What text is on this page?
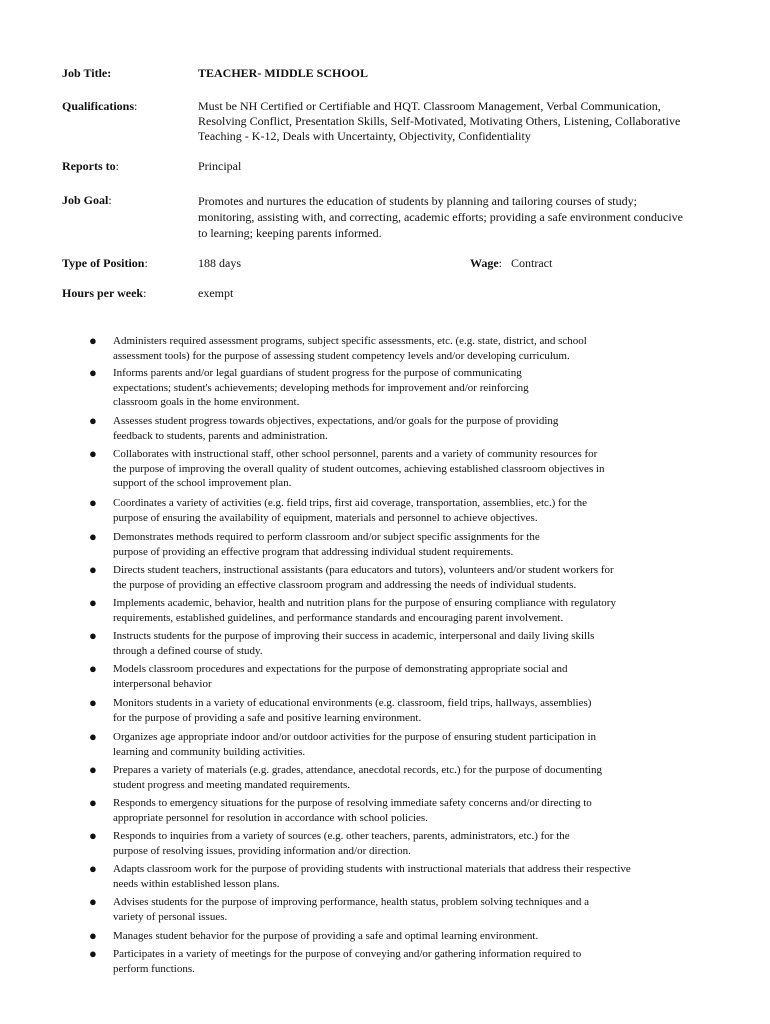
Job Title:	TEACHER- MIDDLE SCHOOL
Qualifications:	Must be NH Certified or Certifiable and HQT. Classroom Management, Verbal Communication,
Resolving Conflict, Presentation Skills, Self-Motivated, Motivating Others, Listening, Collaborative
Teaching - K-12, Deals with Uncertainty, Objectivity, Confidentiality
Reports to:	Principal
Job Goal:	Promotes and nurtures the education of students by planning and tailoring courses of study;
monitoring, assisting with, and correcting, academic efforts; providing a safe environment conducive
to learning; keeping parents informed.
Type of Position:	188 days	Wage:   Contract
Hours per week:	exempt
● Administers required assessment programs, subject specific assessments, etc. (e.g. state, district, and school
assessment tools) for the purpose of assessing student competency levels and/or developing curriculum.
● Informs parents and/or legal guardians of student progress for the purpose of communicating
expectations; student's achievements; developing methods for improvement and/or reinforcing
classroom goals in the home environment.
● Assesses student progress towards objectives, expectations, and/or goals for the purpose of providing
feedback to students, parents and administration.
● Collaborates with instructional staff, other school personnel, parents and a variety of community resources for
the purpose of improving the overall quality of student outcomes, achieving established classroom objectives in
support of the school improvement plan.
● Coordinates a variety of activities (e.g. field trips, first aid coverage, transportation, assemblies, etc.) for the
purpose of ensuring the availability of equipment, materials and personnel to achieve objectives.
● Demonstrates methods required to perform classroom and/or subject specific assignments for the
purpose of providing an effective program that addressing individual student requirements.
● Directs student teachers, instructional assistants (para educators and tutors), volunteers and/or student workers for
the purpose of providing an effective classroom program and addressing the needs of individual students.
● Implements academic, behavior, health and nutrition plans for the purpose of ensuring compliance with regulatory
requirements, established guidelines, and performance standards and encouraging parent involvement.
● Instructs students for the purpose of improving their success in academic, interpersonal and daily living skills
through a defined course of study.
● Models classroom procedures and expectations for the purpose of demonstrating appropriate social and
interpersonal behavior
● Monitors students in a variety of educational environments (e.g. classroom, field trips, hallways, assemblies)
for the purpose of providing a safe and positive learning environment.
● Organizes age appropriate indoor and/or outdoor activities for the purpose of ensuring student participation in
learning and community building activities.
● Prepares a variety of materials (e.g. grades, attendance, anecdotal records, etc.) for the purpose of documenting
student progress and meeting mandated requirements.
● Responds to emergency situations for the purpose of resolving immediate safety concerns and/or directing to
appropriate personnel for resolution in accordance with school policies.
● Responds to inquiries from a variety of sources (e.g. other teachers, parents, administrators, etc.) for the
purpose of resolving issues, providing information and/or direction.
● Adapts classroom work for the purpose of providing students with instructional materials that address their respective
needs within established lesson plans.
● Advises students for the purpose of improving performance, health status, problem solving techniques and a
variety of personal issues.
● Manages student behavior for the purpose of providing a safe and optimal learning environment.
● Participates in a variety of meetings for the purpose of conveying and/or gathering information required to
perform functions.
